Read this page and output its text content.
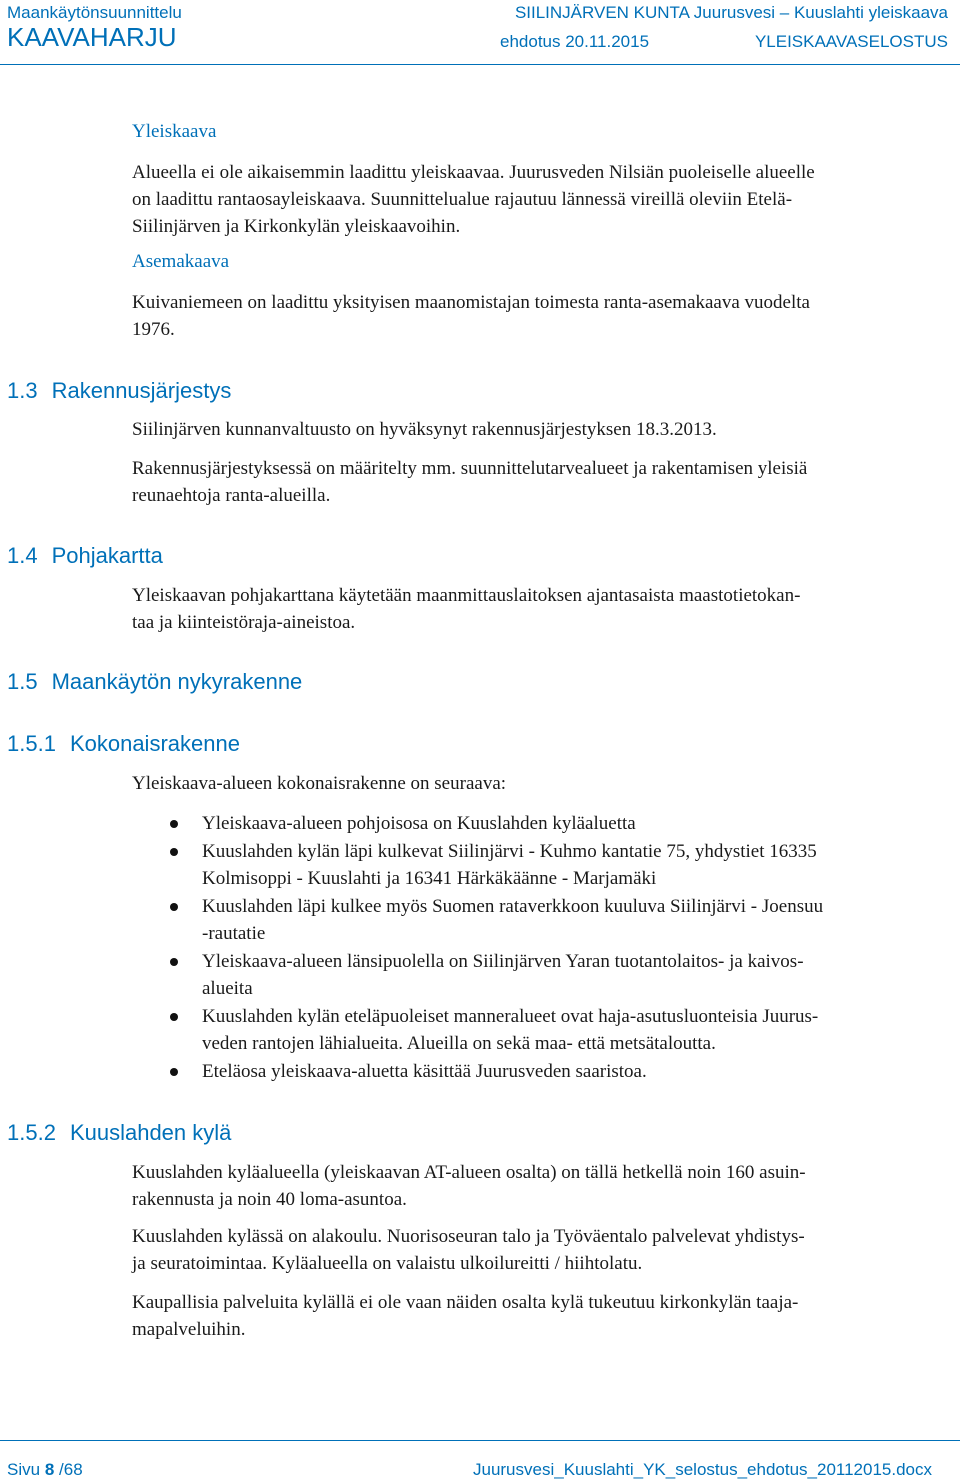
Maankäytönsuunnittelu
KAAVAHARJU
SIILINJÄRVEN KUNTA Juurusvesi – Kuuslahti yleiskaava
ehdotus 20.11.2015	YLEISKAAVASELOSTUS
Yleiskaava
Alueella ei ole aikaisemmin laadittu yleiskaavaa. Juurusveden Nilsiän puoleiselle alueelle
on laadittu rantaosayleiskaava. Suunnittelualue rajautuu lännessä vireillä oleviin Etelä-
Siilinjärven ja Kirkonkylän yleiskaavoihin.
Asemakaava
Kuivaniemeen on laadittu yksityisen maanomistajan toimesta ranta-asemakaava vuodelta
1976.
1.3 Rakennusjärjestys
Siilinjärven kunnanvaltuusto on hyväksynyt rakennusjärjestyksen 18.3.2013.
Rakennusjärjestyksessä on määritelty mm. suunnittelutarvealueet ja rakentamisen yleisiä
reunaehtoja ranta-alueilla.
1.4 Pohjakartta
Yleiskaavan pohjakarttana käytetään maanmittauslaitoksen ajantasaista maastotietokan-
taa ja kiinteistöraja-aineistoa.
1.5 Maankäytön nykyrakenne
1.5.1 Kokonaisrakenne
Yleiskaava-alueen kokonaisrakenne on seuraava:
Yleiskaava-alueen pohjoisosa on Kuuslahden kyläaluetta
Kuuslahden kylän läpi kulkevat Siilinjärvi - Kuhmo kantatie 75, yhdystiet 16335
Kolmisoppi - Kuuslahti ja 16341 Härkäkäänne - Marjamäki
Kuuslahden läpi kulkee myös Suomen rataverkkoon kuuluva Siilinjärvi - Joensuu
-rautatie
Yleiskaava-alueen länsipuolella on Siilinjärven Yaran tuotantolaitos- ja kaivos-
alueita
Kuuslahden kylän eteläpuoleiset manneralueet ovat haja-asutusluonteisia Juurus-
veden rantojen lähialueita. Alueilla on sekä maa- että metsätaloutta.
Eteläosa yleiskaava-aluetta käsittää Juurusveden saaristoa.
1.5.2 Kuuslahden kylä
Kuuslahden kyläalueella (yleiskaavan AT-alueen osalta) on tällä hetkellä noin 160 asuin-
rakennusta ja noin 40 loma-asuntoa.
Kuuslahden kylässä on alakoulu. Nuorisoseuran talo ja Työväentalo palvelevat yhdistys-
ja seuratoimintaa. Kyläalueella on valaistu ulkoilureitti / hiihtolatu.
Kaupallisia palveluita kylällä ei ole vaan näiden osalta kylä tukeutuu kirkonkylän taaja-
mapalveluihin.
Sivu 8 /68	Juurusvesi_Kuuslahti_YK_selostus_ehdotus_20112015.docx
